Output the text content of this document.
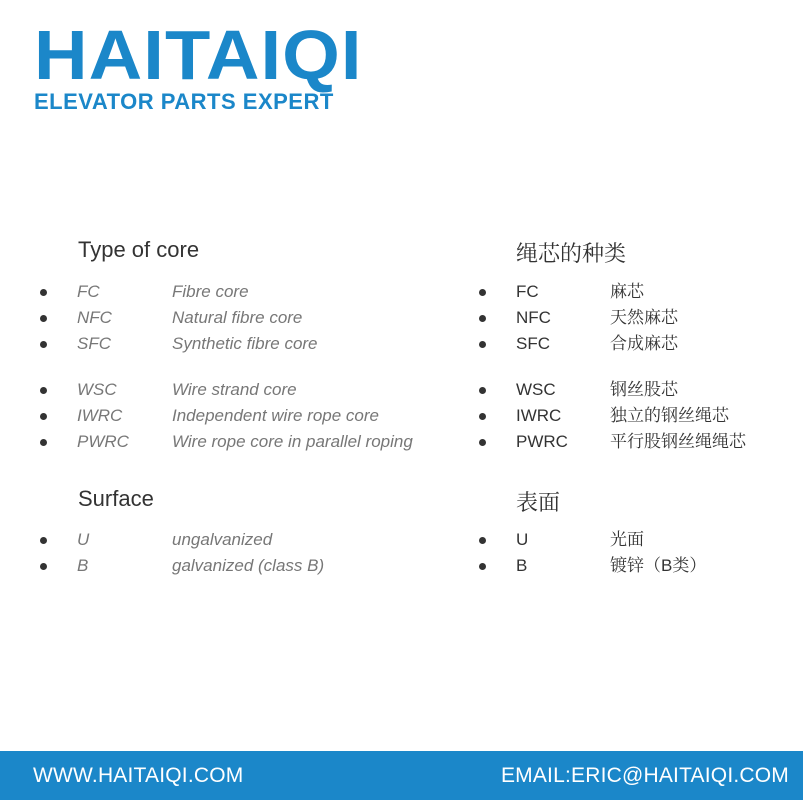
HAITAIQI
ELEVATOR PARTS EXPERT
Type of core
FC	Fibre core
NFC	Natural fibre core
SFC	Synthetic fibre core
WSC	Wire strand core
IWRC	Independent wire rope core
PWRC	Wire rope core in parallel roping
Surface
U	ungalvanized
B	galvanized (class B)
绳芯的种类
FC	麻芯
NFC	天然麻芯
SFC	合成麻芯
WSC	钢丝股芯
IWRC	独立的钢丝绳芯
PWRC 平行股钢丝绳绳芯
表面
U	光面
B	镀锌（B类）
WWW.HAITAIQI.COM	EMAIL:ERIC@HAITAIQI.COM
